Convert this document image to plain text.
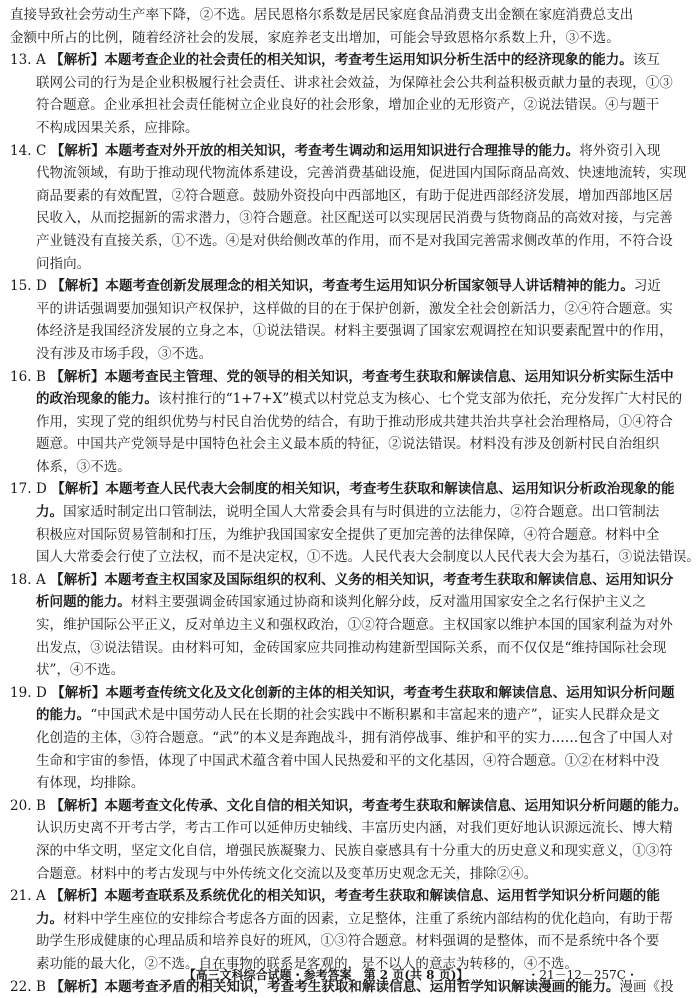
直接导致社会劳动生产率下降，②不选。居民恩格尔系数是居民家庭食品消费支出金额在家庭消费总支出
金额中所占的比例，随着经济社会的发展，家庭养老支出增加，可能会导致恩格尔系数上升，③不选。
13. A 【解析】本题考查企业的社会责任的相关知识，考查考生运用知识分析生活中的经济现象的能力。该互
联网公司的行为是企业积极履行社会责任、讲求社会效益，为保障社会公共利益积极贡献力量的表现，①③
符合题意。企业承担社会责任能树立企业良好的社会形象，增加企业的无形资产，②说法错误。④与题干
不构成因果关系，应排除。
14. C 【解析】本题考查对外开放的相关知识，考查考生调动和运用知识进行合理推导的能力。将外资引入现
代物流领域，有助于推动现代物流体系建设，完善消费基础设施，促进国内国际商品高效、快速地流转，实现
商品要素的有效配置，②符合题意。鼓励外资投向中西部地区，有助于促进西部经济发展，增加西部地区居
民收入，从而挖掘新的需求潜力，③符合题意。社区配送可以实现居民消费与货物商品的高效对接，与完善
产业链没有直接关系，①不选。④是对供给侧改革的作用，而不是对我国完善需求侧改革的作用，不符合设
问指向。
15. D 【解析】本题考查创新发展理念的相关知识，考查考生运用知识分析国家领导人讲话精神的能力。习近
平的讲话强调要加强知识产权保护，这样做的目的在于保护创新，激发全社会创新活力，②④符合题意。实
体经济是我国经济发展的立身之本，①说法错误。材料主要强调了国家宏观调控在知识要素配置中的作用，
没有涉及市场手段，③不选。
16. B 【解析】本题考查民主管理、党的领导的相关知识，考查考生获取和解读信息、运用知识分析实际生活中
的政治现象的能力。该村推行的“1+7+X”模式以村党总支为核心、七个党支部为依托，充分发挥广大村民的
作用，实现了党的组织优势与村民自治优势的结合，有助于推动形成共建共治共享社会治理格局，①④符合
题意。中国共产党领导是中国特色社会主义最本质的特征，②说法错误。材料没有涉及创新村民自治组织
体系，③不选。
17. D 【解析】本题考查人民代表大会制度的相关知识，考查考生获取和解读信息、运用知识分析政治现象的能
力。国家适时制定出口管制法，说明全国人大常委会具有与时俱进的立法能力，②符合题意。出口管制法
积极应对国际贸易管制和打压，为维护我国国家安全提供了更加完善的法律保障，④符合题意。材料中全
国人大常委会行使了立法权，而不是决定权，①不选。人民代表大会制度以人民代表大会为基石，③说法错误。
18. A 【解析】本题考查主权国家及国际组织的权利、义务的相关知识，考查考生获取和解读信息、运用知识分
析问题的能力。材料主要强调金砖国家通过协商和谈判化解分歧，反对滥用国家安全之名行保护主义之
实，维护国际公平正义，反对单边主义和强权政治，①②符合题意。主权国家以维护本国的国家利益为对外
出发点，③说法错误。由材料可知，金砖国家应共同推动构建新型国际关系，而不仅仅是“维持国际社会现
状”，④不选。
19. D 【解析】本题考查传统文化及文化创新的主体的相关知识，考查考生获取和解读信息、运用知识分析问题
的能力。“中国武术是中国劳动人民在长期的社会实践中不断积累和丰富起来的遗产”，证实人民群众是文
化创造的主体，③符合题意。“武”的本义是奔跑战斗，拥有消停战事、维护和平的实力……包含了中国人对
生命和宇宙的参悟，体现了中国武术蕴含着中国人民热爱和平的文化基因，④符合题意。①②在材料中没
有体现，均排除。
20. B 【解析】本题考查文化传承、文化自信的相关知识，考查考生获取和解读信息、运用知识分析问题的能力。
认识历史离不开考古学，考古工作可以延伸历史轴线、丰富历史内涵，对我们更好地认识源远流长、博大精
深的中华文明，坚定文化自信，增强民族凝聚力、民族自豪感具有十分重大的历史意义和现实意义，①③符
合题意。材料中的考古发现与中外传统文化交流以及变革历史观念无关，排除②④。
21. A 【解析】本题考查联系及系统优化的相关知识，考查考生获取和解读信息、运用哲学知识分析问题的能
力。材料中学生座位的安排综合考虑各方面的因素，立足整体，注重了系统内部结构的优化趋向，有助于帮
助学生形成健康的心理品质和培养良好的班风，①③符合题意。材料强调的是整体，而不是系统中各个要
素功能的最大化，②不选。自在事物的联系是客观的，是不以人的意志为转移的，④不选。
22. B 【解析】本题考查矛盾的相关知识，考查考生获取和解读信息、运用哲学知识解读漫画的能力。漫画《投
【高三文科综合试题・参考答案　第 2 页(共 8 页)】	・21－12－257C・
